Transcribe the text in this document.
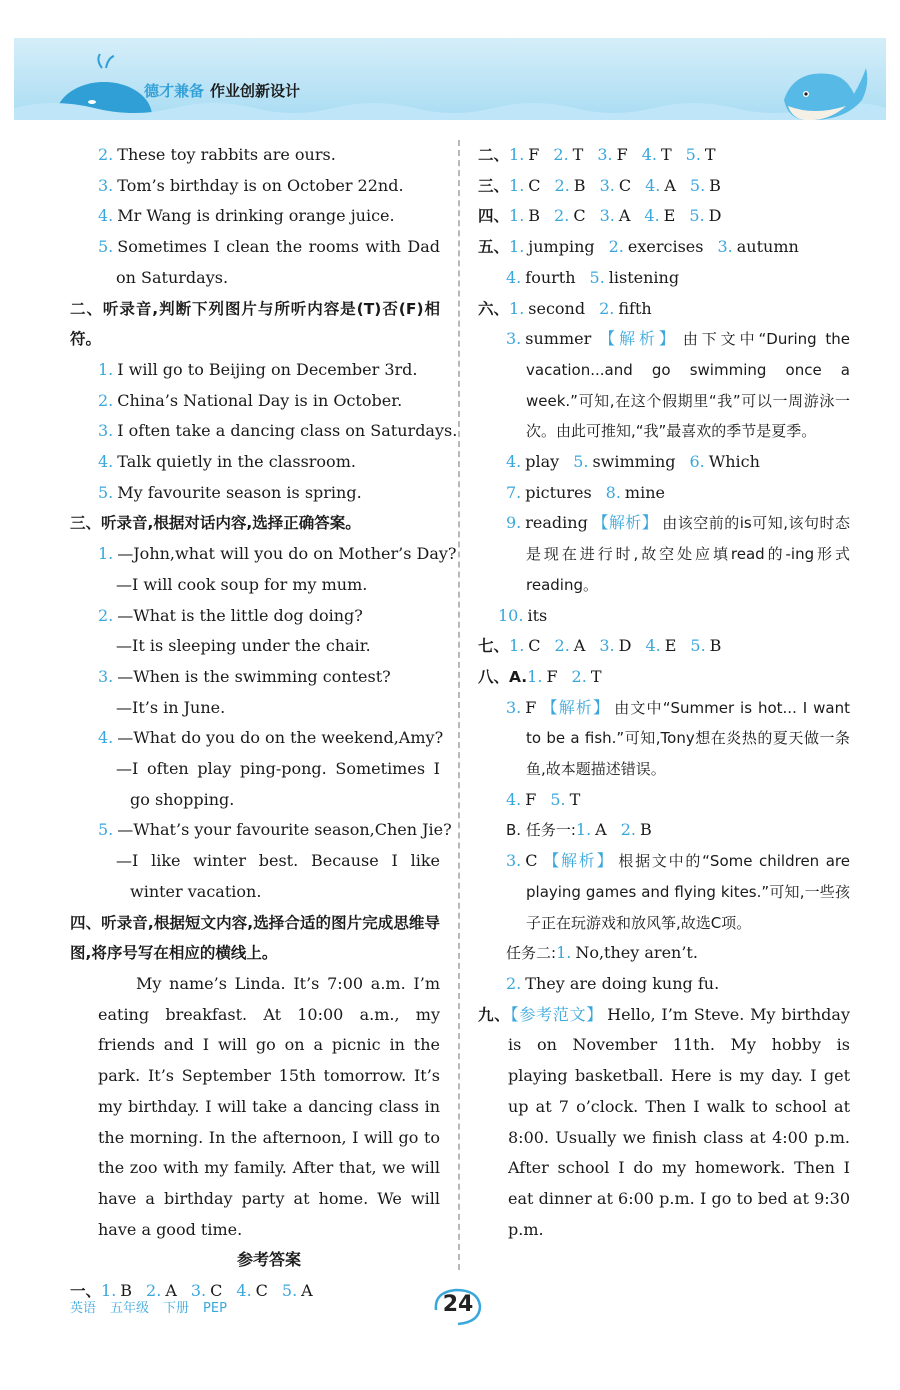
德才兼备 作业创新设计
2. These toy rabbits are ours.
3. Tom’s birthday is on October 22nd.
4. Mr Wang is drinking orange juice.
5. Sometimes I clean the rooms with Dad on Saturdays.
二、听录音,判断下列图片与所听内容是(T)否(F)相符。
1. I will go to Beijing on December 3rd.
2. China’s National Day is in October.
3. I often take a dancing class on Saturdays.
4. Talk quietly in the classroom.
5. My favourite season is spring.
三、听录音,根据对话内容,选择正确答案。
1. —John,what will you do on Mother’s Day?
—I will cook soup for my mum.
2. —What is the little dog doing?
—It is sleeping under the chair.
3. —When is the swimming contest?
—It’s in June.
4. —What do you do on the weekend,Amy?
—I often play ping-pong. Sometimes I go shopping.
5. —What’s your favourite season,Chen Jie?
—I like winter best. Because I like winter vacation.
四、听录音,根据短文内容,选择合适的图片完成思维导图,将序号写在相应的横线上。
My name’s Linda. It’s 7:00 a.m. I’m eating breakfast. At 10:00 a.m., my friends and I will go on a picnic in the park. It’s September 15th tomorrow. It’s my birthday. I will take a dancing class in the morning. In the afternoon, I will go to the zoo with my family. After that, we will have a birthday party at home. We will have a good time.
参考答案
一、1. B 2. A 3. C 4. C 5. A
二、1. F 2. T 3. F 4. T 5. T
三、1. C 2. B 3. C 4. A 5. B
四、1. B 2. C 3. A 4. E 5. D
五、1. jumping 2. exercises 3. autumn
4. fourth 5. listening
六、1. second 2. fifth
3. summer 【解析】 由下文中“During the vacation...and go swimming once a week.”可知,在这个假期里“我”可以一周游泳一次。由此可推知,“我”最喜欢的季节是夏季。
4. play 5. swimming 6. Which
7. pictures 8. mine
9. reading 【解析】 由该空前的is可知,该句时态是现在进行时,故空处应填read的-ing形式reading。
10. its
七、1. C 2. A 3. D 4. E 5. B
八、A.1. F 2. T
3. F 【解析】 由文中“Summer is hot... I want to be a fish.”可知,Tony想在炎热的夏天做一条鱼,故本题描述错误。
4. F 5. T
B. 任务一:1. A 2. B
3. C 【解析】 根据文中的“Some children are playing games and flying kites.”可知,一些孩子正在玩游戏和放风筝,故选C项。
任务二:1. No,they aren’t.
2. They are doing kung fu.
九、【参考范文】 Hello, I’m Steve. My birthday is on November 11th. My hobby is playing basketball. Here is my day. I get up at 7 o’clock. Then I walk to school at 8:00. Usually we finish class at 4:00 p.m. After school I do my homework. Then I eat dinner at 6:00 p.m. I go to bed at 9:30 p.m.
英语 五年级 下册 PEP	24
